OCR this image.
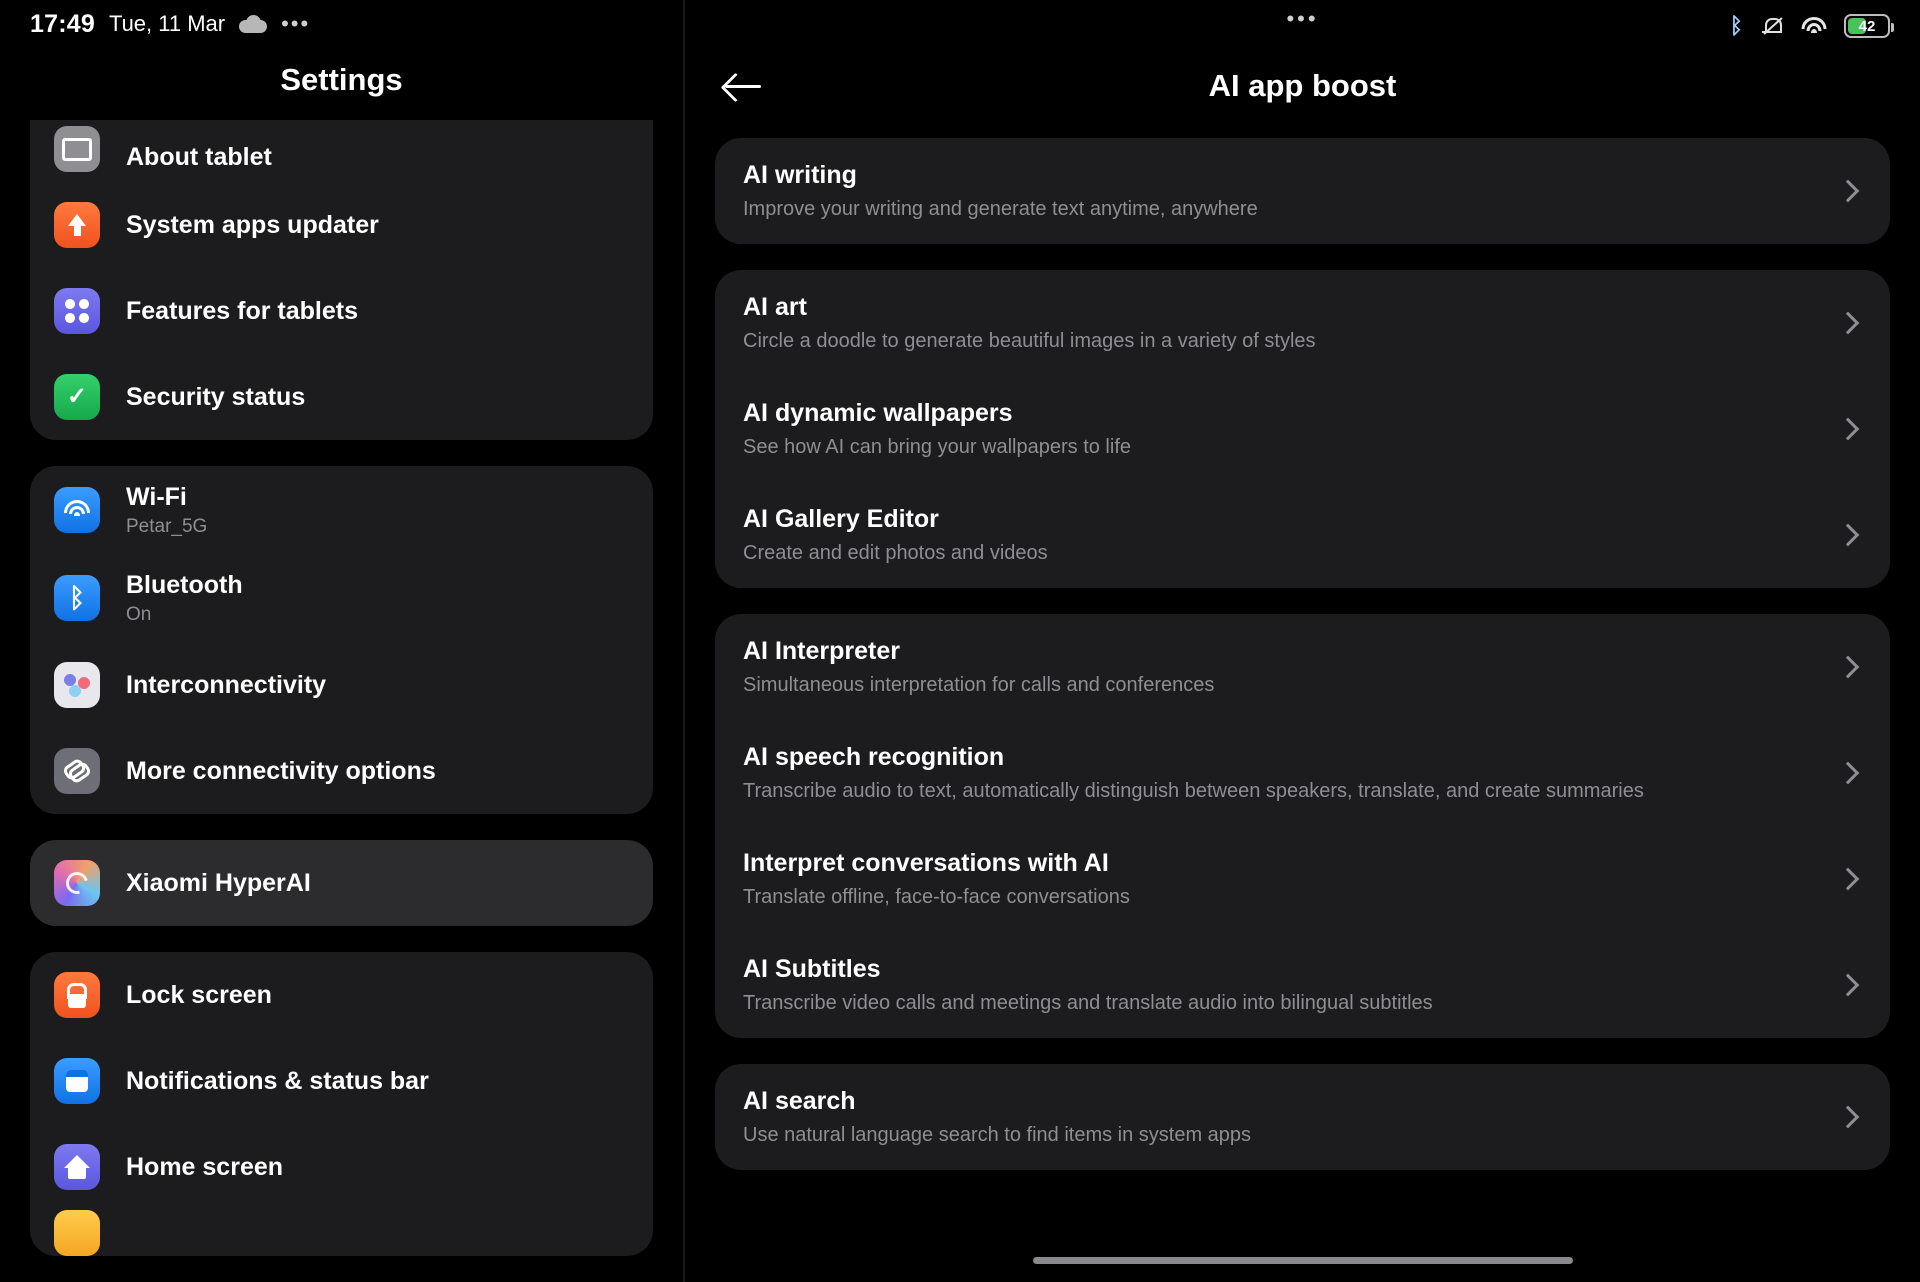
17:49 Tue, 11 Mar	•••
Settings
About tablet
System apps updater
Features for tablets
✓
Security status
Wi-Fi
Petar_5G
ᛒ Bluetooth
On
Interconnectivity
More connectivity options
Xiaomi HyperAI
Lock screen
Notifications & status bar
Home screen
•••	ᛒ	42
AI app boost
AI writing
Improve your writing and generate text anytime, anywhere
AI art
Circle a doodle to generate beautiful images in a variety of styles
AI dynamic wallpapers
See how AI can bring your wallpapers to life
AI Gallery Editor
Create and edit photos and videos
AI Interpreter
Simultaneous interpretation for calls and conferences
AI speech recognition
Transcribe audio to text, automatically distinguish between speakers, translate, and create summaries
Interpret conversations with AI
Translate offline, face-to-face conversations
AI Subtitles
Transcribe video calls and meetings and translate audio into bilingual subtitles
AI search
Use natural language search to find items in system apps
